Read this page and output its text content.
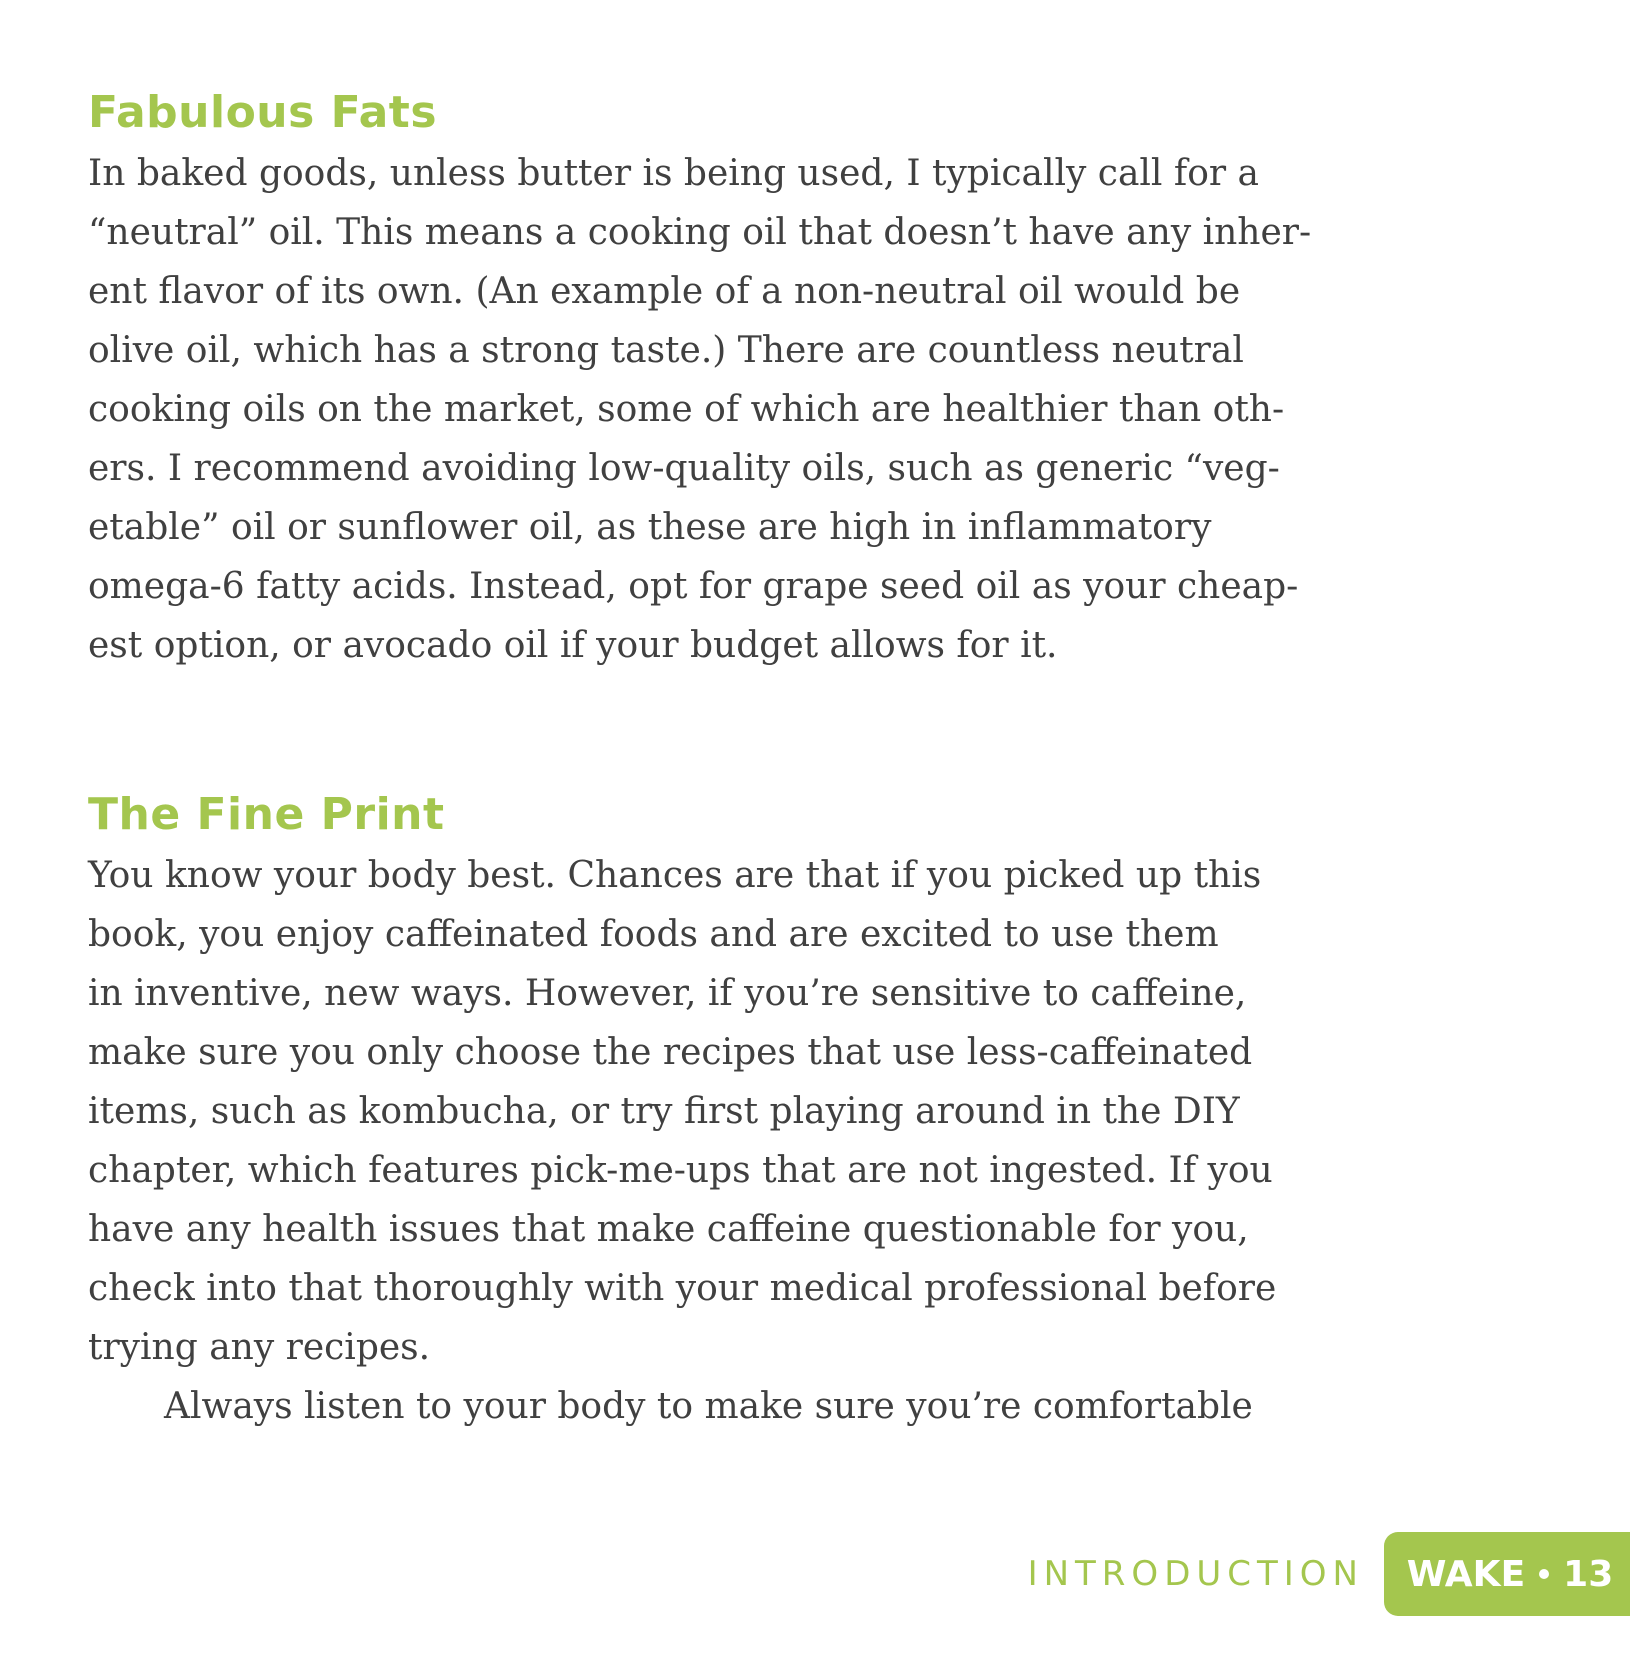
Fabulous Fats

In baked goods, unless butter is being used, I typically call for a
“neutral” oil. This means a cooking oil that doesn’t have any inher-
ent flavor of its own. (An example of a non-neutral oil would be
olive oil, which has a strong taste.) There are countless neutral
cooking oils on the market, some of which are healthier than oth-
ers. I recommend avoiding low-quality oils, such as generic “veg-
etable” oil or sunflower oil, as these are high in inflammatory
omega-6 fatty acids. Instead, opt for grape seed oil as your cheap-
est option, or avocado oil if your budget allows for it.

The Fine Print

You know your body best. Chances are that if you picked up this
book, you enjoy caffeinated foods and are excited to use them
in inventive, new ways. However, if you’re sensitive to caffeine,
make sure you only choose the recipes that use less-caffeinated
items, such as kombucha, or try first playing around in the DIY
chapter, which features pick-me-ups that are not ingested. If you
have any health issues that make caffeine questionable for you,
check into that thoroughly with your medical professional before
trying any recipes.
Always listen to your body to make sure you’re comfortable

INTRODUCTION WAKE 13
